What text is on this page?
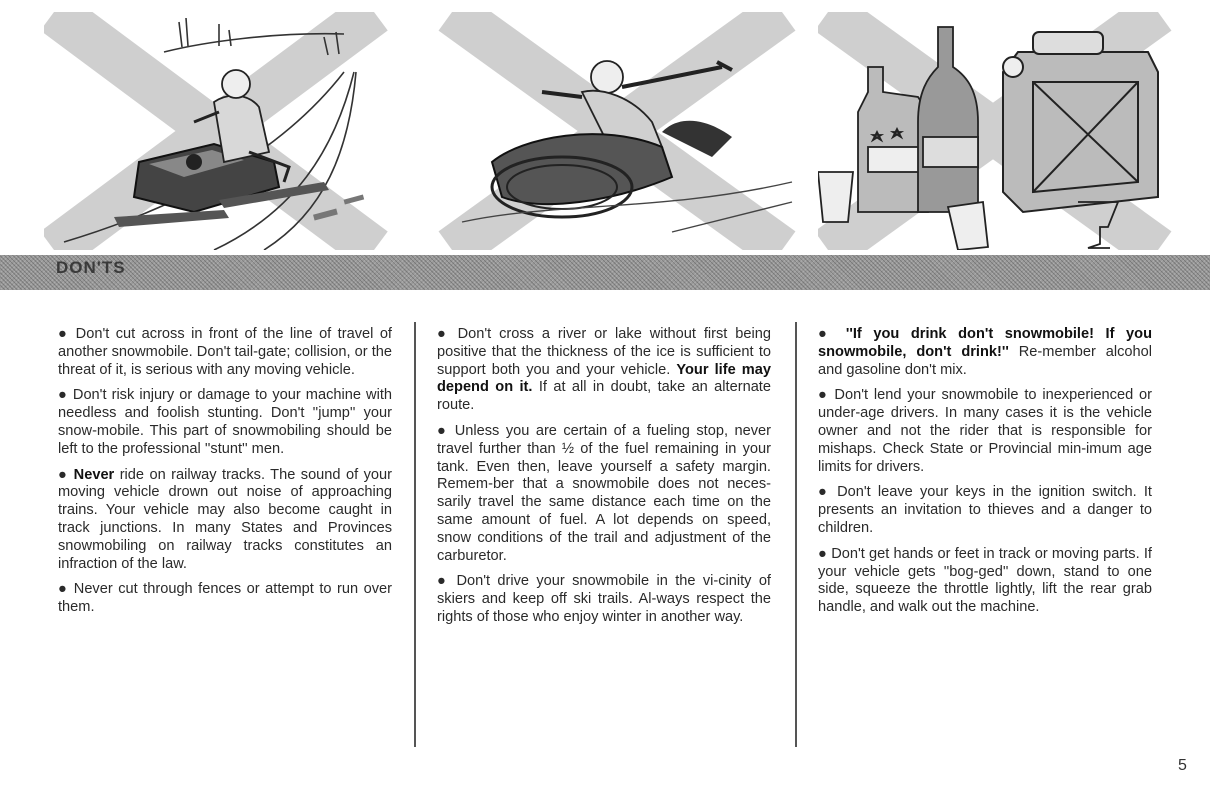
DON'TS

● Don't cut across in front of the line of travel of another snowmobile. Don't tail-gate; collision, or the threat of it, is serious with any moving vehicle.

● Don't risk injury or damage to your machine with needless and foolish stunting. Don't ''jump'' your snow-mobile. This part of snowmobiling should be left to the professional ''stunt'' men.

● Never ride on railway tracks. The sound of your moving vehicle drown out noise of approaching trains. Your vehicle may also become caught in track junctions. In many States and Provinces snowmobiling on railway tracks constitutes an infraction of the law.

● Never cut through fences or attempt to run over them.

● Don't cross a river or lake without first being positive that the thickness of the ice is sufficient to support both you and your vehicle. Your life may depend on it. If at all in doubt, take an alternate route.

● Unless you are certain of a fueling stop, never travel further than ½ of the fuel remaining in your tank. Even then, leave yourself a safety margin. Remem-ber that a snowmobile does not neces-sarily travel the same distance each time on the same amount of fuel. A lot depends on speed, snow conditions of the trail and adjustment of the carburetor.

● Don't drive your snowmobile in the vi-cinity of skiers and keep off ski trails. Al-ways respect the rights of those who enjoy winter in another way.

● ''If you drink don't snowmobile! If you snowmobile, don't drink!'' Re-member alcohol and gasoline don't mix.

● Don't lend your snowmobile to inexperienced or under-age drivers. In many cases it is the vehicle owner and not the rider that is responsible for mishaps. Check State or Provincial min-imum age limits for drivers.

● Don't leave your keys in the ignition switch. It presents an invitation to thieves and a danger to children.

● Don't get hands or feet in track or moving parts. If your vehicle gets ''bog-ged'' down, stand to one side, squeeze the throttle lightly, lift the rear grab handle, and walk out the machine.

5
